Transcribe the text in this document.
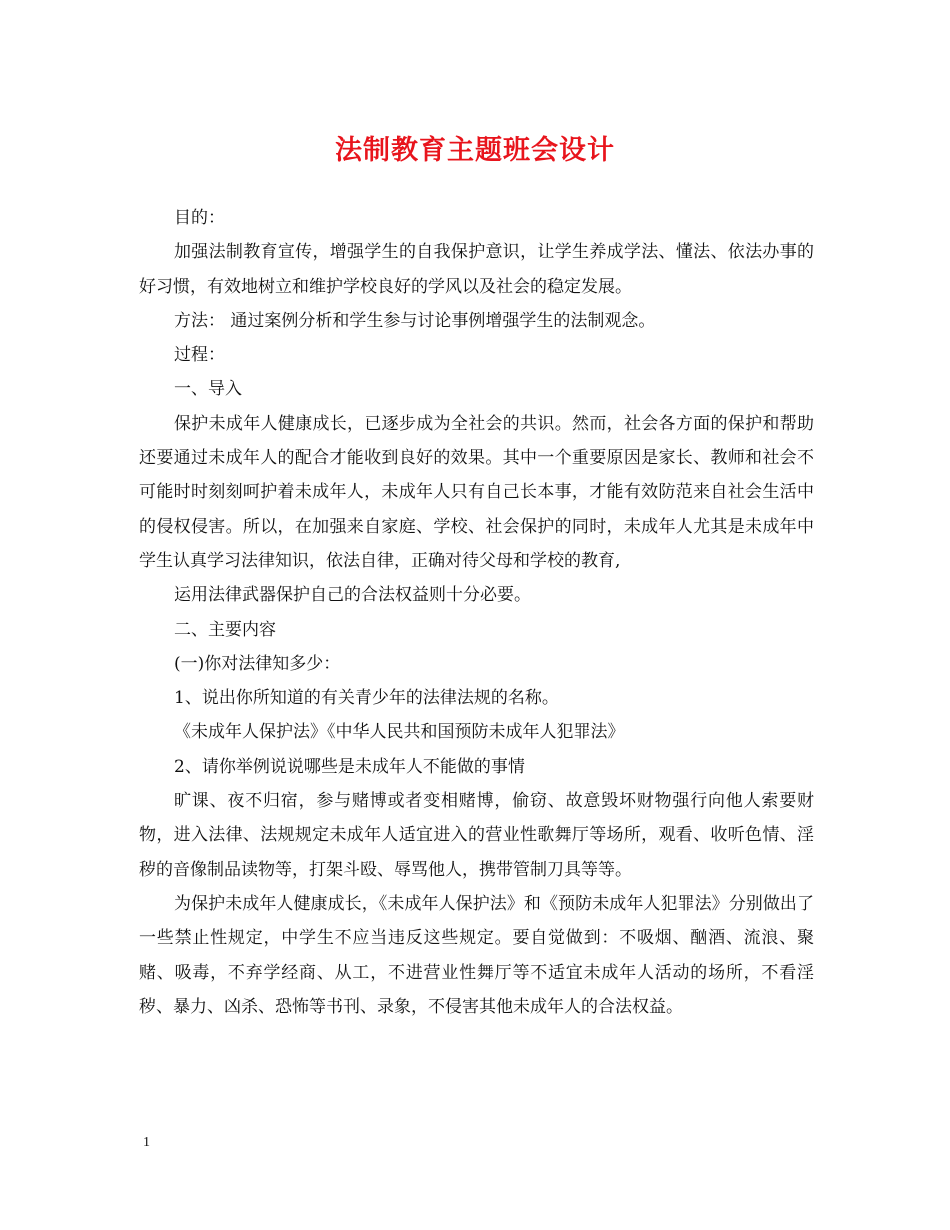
法制教育主题班会设计

目的：

加强法制教育宣传，增强学生的自我保护意识，让学生养成学法、懂法、依法办事的好习惯，有效地树立和维护学校良好的学风以及社会的稳定发展。

方法： 通过案例分析和学生参与讨论事例增强学生的法制观念。

过程：

一、导入

保护未成年人健康成长，已逐步成为全社会的共识。然而，社会各方面的保护和帮助还要通过未成年人的配合才能收到良好的效果。其中一个重要原因是家长、教师和社会不可能时时刻刻呵护着未成年人，未成年人只有自己长本事，才能有效防范来自社会生活中的侵权侵害。所以，在加强来自家庭、学校、社会保护的同时，未成年人尤其是未成年中学生认真学习法律知识，依法自律，正确对待父母和学校的教育,

运用法律武器保护自己的合法权益则十分必要。

二、主要内容

(一)你对法律知多少：

1、说出你所知道的有关青少年的法律法规的名称。

《未成年人保护法》《中华人民共和国预防未成年人犯罪法》

2、请你举例说说哪些是未成年人不能做的事情

旷课、夜不归宿，参与赌博或者变相赌博，偷窃、故意毁坏财物强行向他人索要财物，进入法律、法规规定未成年人适宜进入的营业性歌舞厅等场所，观看、收听色情、淫秽的音像制品读物等，打架斗殴、辱骂他人，携带管制刀具等等。

为保护未成年人健康成长，《未成年人保护法》和《预防未成年人犯罪法》分别做出了一些禁止性规定，中学生不应当违反这些规定。要自觉做到：不吸烟、酗酒、流浪、聚赌、吸毒，不弃学经商、从工，不进营业性舞厅等不适宜未成年人活动的场所，不看淫秽、暴力、凶杀、恐怖等书刊、录象，不侵害其他未成年人的合法权益。

1
